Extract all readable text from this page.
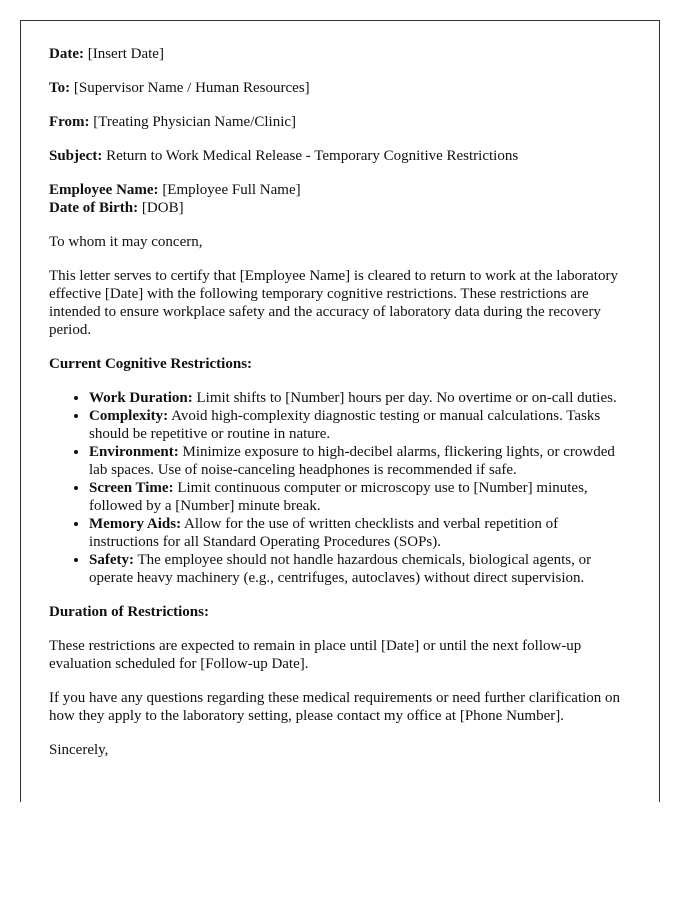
Date: [Insert Date]

To: [Supervisor Name / Human Resources]

From: [Treating Physician Name/Clinic]

Subject: Return to Work Medical Release - Temporary Cognitive Restrictions

Employee Name: [Employee Full Name]
Date of Birth: [DOB]

To whom it may concern,

This letter serves to certify that [Employee Name] is cleared to return to work at the laboratory effective [Date] with the following temporary cognitive restrictions. These restrictions are intended to ensure workplace safety and the accuracy of laboratory data during the recovery period.

Current Cognitive Restrictions:

• Work Duration: Limit shifts to [Number] hours per day. No overtime or on-call duties.
• Complexity: Avoid high-complexity diagnostic testing or manual calculations. Tasks should be repetitive or routine in nature.
• Environment: Minimize exposure to high-decibel alarms, flickering lights, or crowded lab spaces. Use of noise-canceling headphones is recommended if safe.
• Screen Time: Limit continuous computer or microscopy use to [Number] minutes, followed by a [Number] minute break.
• Memory Aids: Allow for the use of written checklists and verbal repetition of instructions for all Standard Operating Procedures (SOPs).
• Safety: The employee should not handle hazardous chemicals, biological agents, or operate heavy machinery (e.g., centrifuges, autoclaves) without direct supervision.

Duration of Restrictions:

These restrictions are expected to remain in place until [Date] or until the next follow-up evaluation scheduled for [Follow-up Date].

If you have any questions regarding these medical requirements or need further clarification on how they apply to the laboratory setting, please contact my office at [Phone Number].

Sincerely,
